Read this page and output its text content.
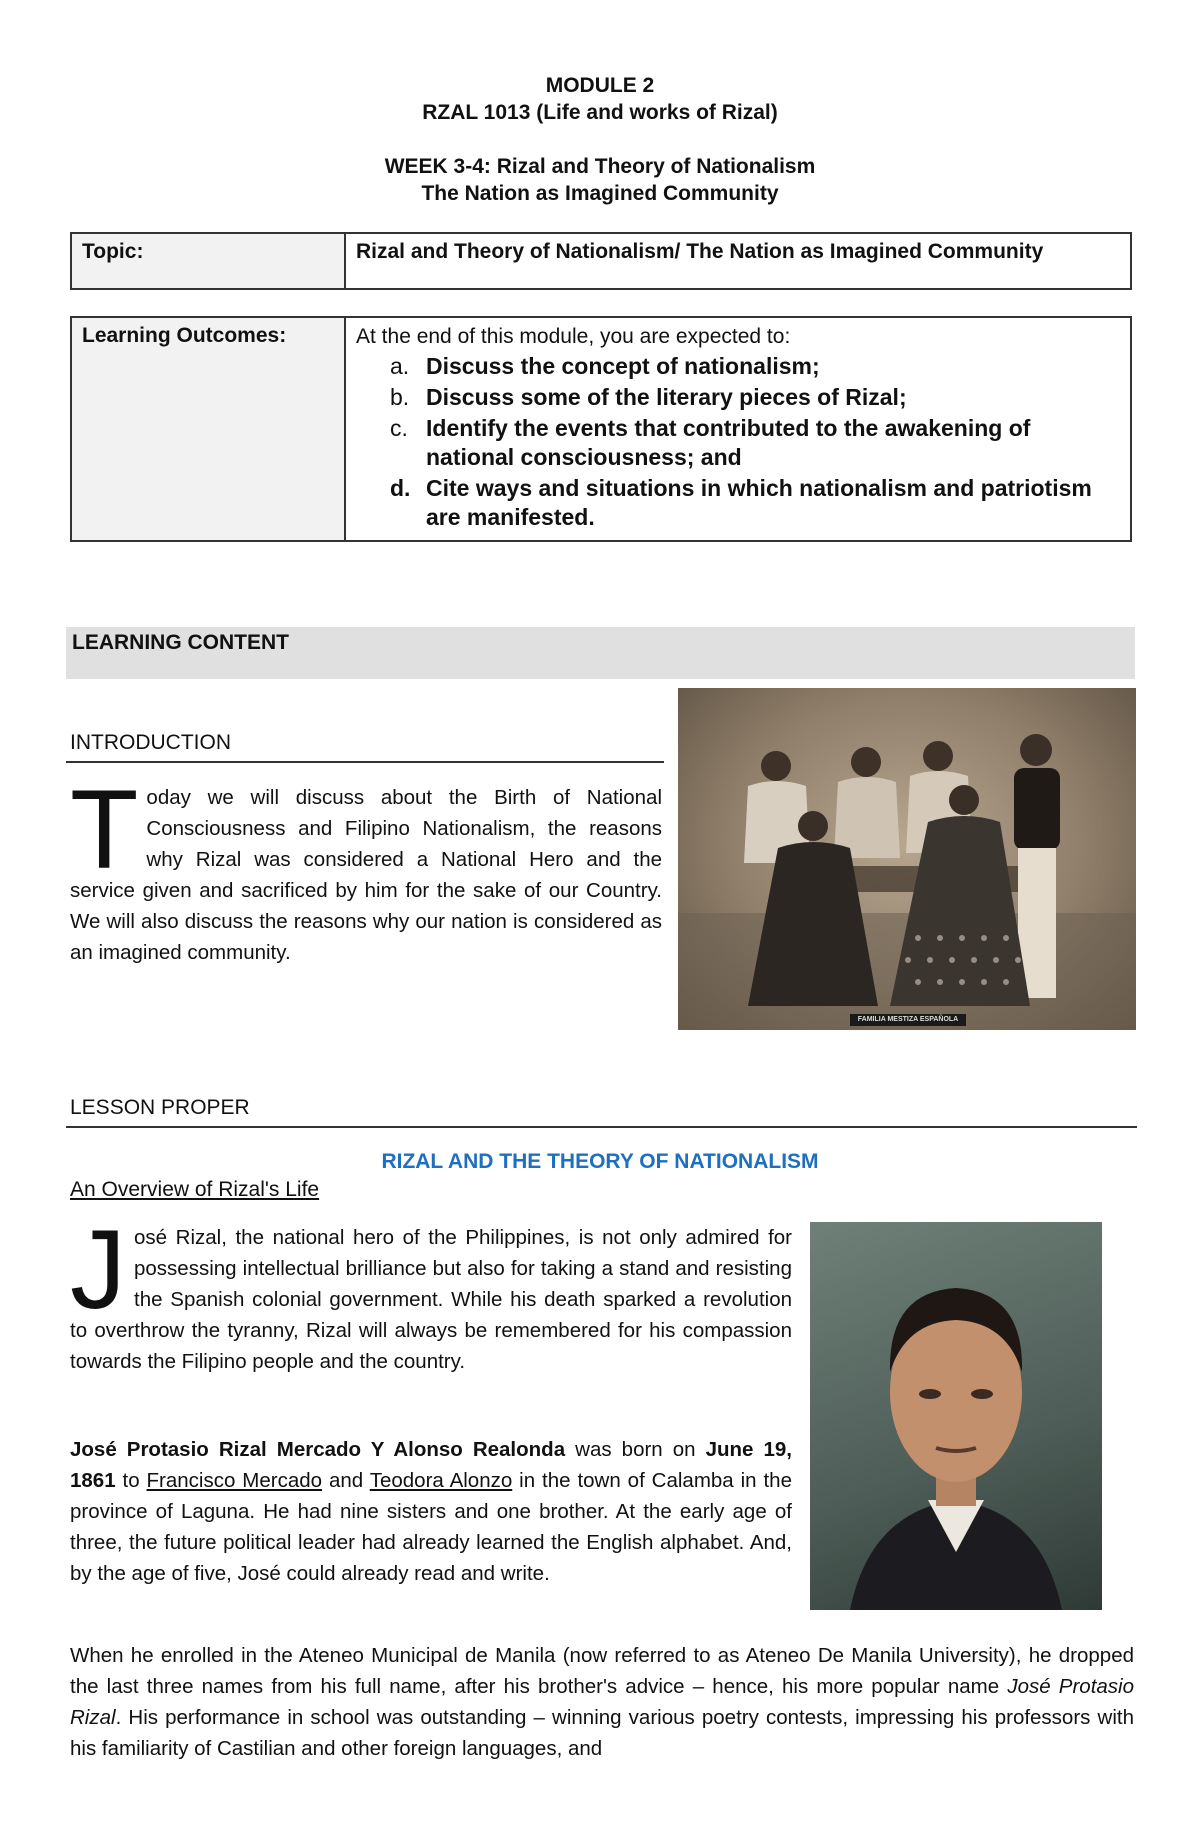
MODULE 2
RZAL 1013 (Life and works of Rizal)
WEEK 3-4: Rizal and Theory of Nationalism
The Nation as Imagined Community
Topic:	Rizal and Theory of Nationalism/ The Nation as Imagined Community
Learning Outcomes:	At the end of this module, you are expected to:
a. Discuss the concept of nationalism;
b. Discuss some of the literary pieces of Rizal;
c. Identify the events that contributed to the awakening of national consciousness; and
d. Cite ways and situations in which nationalism and patriotism are manifested.
LEARNING CONTENT
INTRODUCTION

Today we will discuss about the Birth of National Consciousness and Filipino Nationalism, the reasons why Rizal was considered a National Hero and the service given and sacrificed by him for the sake of our Country. We will also discuss the reasons why our nation is considered as an imagined community.

FAMILIA MESTIZA ESPAÑOLA
LESSON PROPER
RIZAL AND THE THEORY OF NATIONALISM
An Overview of Rizal's Life

José Rizal, the national hero of the Philippines, is not only admired for possessing intellectual brilliance but also for taking a stand and resisting the Spanish colonial government. While his death sparked a revolution to overthrow the tyranny, Rizal will always be remembered for his compassion towards the Filipino people and the country.

José Protasio Rizal Mercado Y Alonso Realonda was born on June 19, 1861 to Francisco Mercado and Teodora Alonzo in the town of Calamba in the province of Laguna. He had nine sisters and one brother. At the early age of three, the future political leader had already learned the English alphabet. And, by the age of five, José could already read and write.

When he enrolled in the Ateneo Municipal de Manila (now referred to as Ateneo De Manila University), he dropped the last three names from his full name, after his brother's advice – hence, his more popular name José Protasio Rizal. His performance in school was outstanding – winning various poetry contests, impressing his professors with his familiarity of Castilian and other foreign languages, and
